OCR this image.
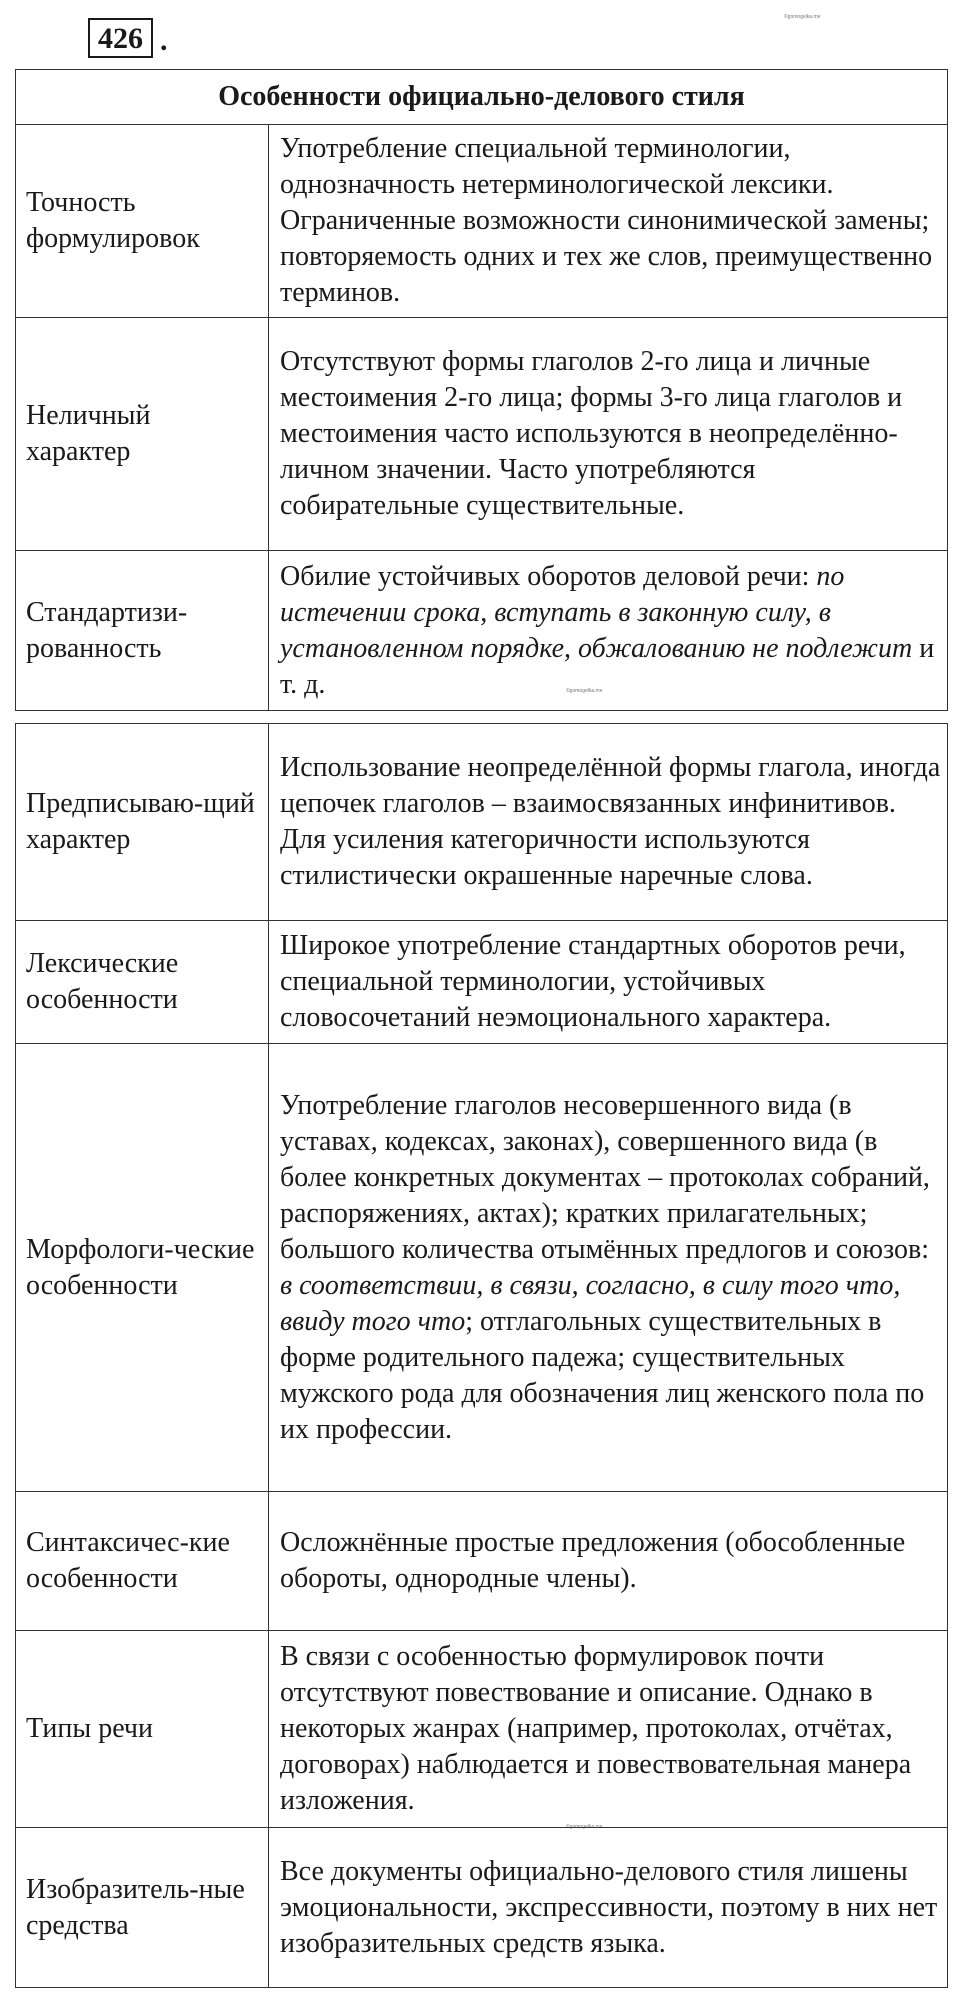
426 .
©gomogelka.me
©gomogelka.me
©gomogelka.me
Особенности официально-делового стиля	
Точность формулировок	Употребление специальной терминологии, однозначность нетерминологической лексики. Ограниченные возможности синонимической замены; повторяемость одних и тех же слов, преимущественно терминов.
Неличный характер	Отсутствуют формы глаголов 2-го лица и личные местоимения 2-го лица; формы 3-го лица глаголов и местоимения часто используются в неопределённо-личном значении. Часто употребляются собирательные существительные.
Стандартизи-рованность	Обилие устойчивых оборотов деловой речи: по истечении срока, вступать в законную силу, в установленном порядке, обжалованию не подлежит и т. д.
Предписываю-щий характер	Использование неопределённой формы глагола, иногда цепочек глаголов – взаимосвязанных инфинитивов. Для усиления категоричности используются стилистически окрашенные наречные слова.
Лексические особенности	Широкое употребление стандартных оборотов речи, специальной терминологии, устойчивых словосочетаний неэмоционального характера.
Морфологи-ческие особенности	Употребление глаголов несовершенного вида (в уставах, кодексах, законах), совершенного вида (в более конкретных документах – протоколах собраний, распоряжениях, актах); кратких прилагательных; большого количества отымённых предлогов и союзов: в соответствии, в связи, согласно, в силу того что, ввиду того что; отглагольных существительных в форме родительного падежа; существительных мужского рода для обозначения лиц женского пола по их профессии.
Синтаксичес-кие особенности	Осложнённые простые предложения (обособленные обороты, однородные члены).
Типы речи	В связи с особенностью формулировок почти отсутствуют повествование и описание. Однако в некоторых жанрах (например, протоколах, отчётах, договорах) наблюдается и повествовательная манера изложения.
Изобразитель-ные средства	Все документы официально-делового стиля лишены эмоциональности, экспрессивности, поэтому в них нет изобразительных средств языка.
